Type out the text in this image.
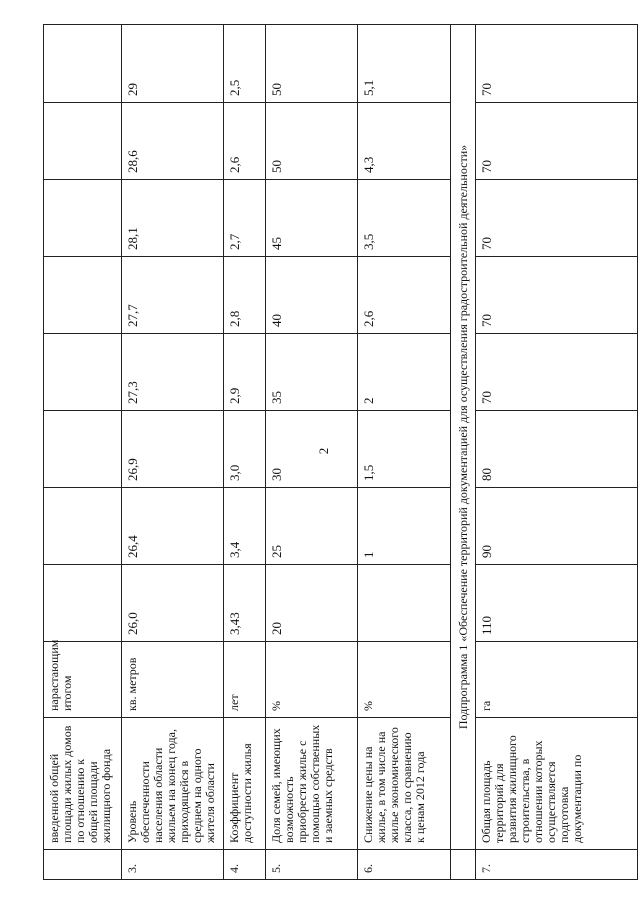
2
	введенной общей площади жилых домов по отношению к общей площади жилищного фонда	нарастающим итогом								
3.	Уровень обеспеченности населения области жильем на конец года, приходящейся в среднем на одного жителя области	кв. метров	26,0	26,4	26,9	27,3	27,7	28,1	28,6	29
4.	Коэффициент доступности жилья	лет	3,43	3,4	3,0	2,9	2,8	2,7	2,6	2,5
5.	Доля семей, имеющих возможность приобрести жилье с помощью собственных и заемных средств	%	20	25	30	35	40	45	50	50
6.	Снижение цены на жилье, в том числе на жилье экономического класса, по сравнению к ценам 2012 года	%		1	1,5	2	2,6	3,5	4,3	5,1
	Подпрограмма 1 «Обеспечение территорий документацией для осуществления градостроительной деятельности»									
7.	Общая площадь территорий для развития жилищного строительства, в отношении которых осуществляется подготовка документации по	га	110	90	80	70	70	70	70	70
